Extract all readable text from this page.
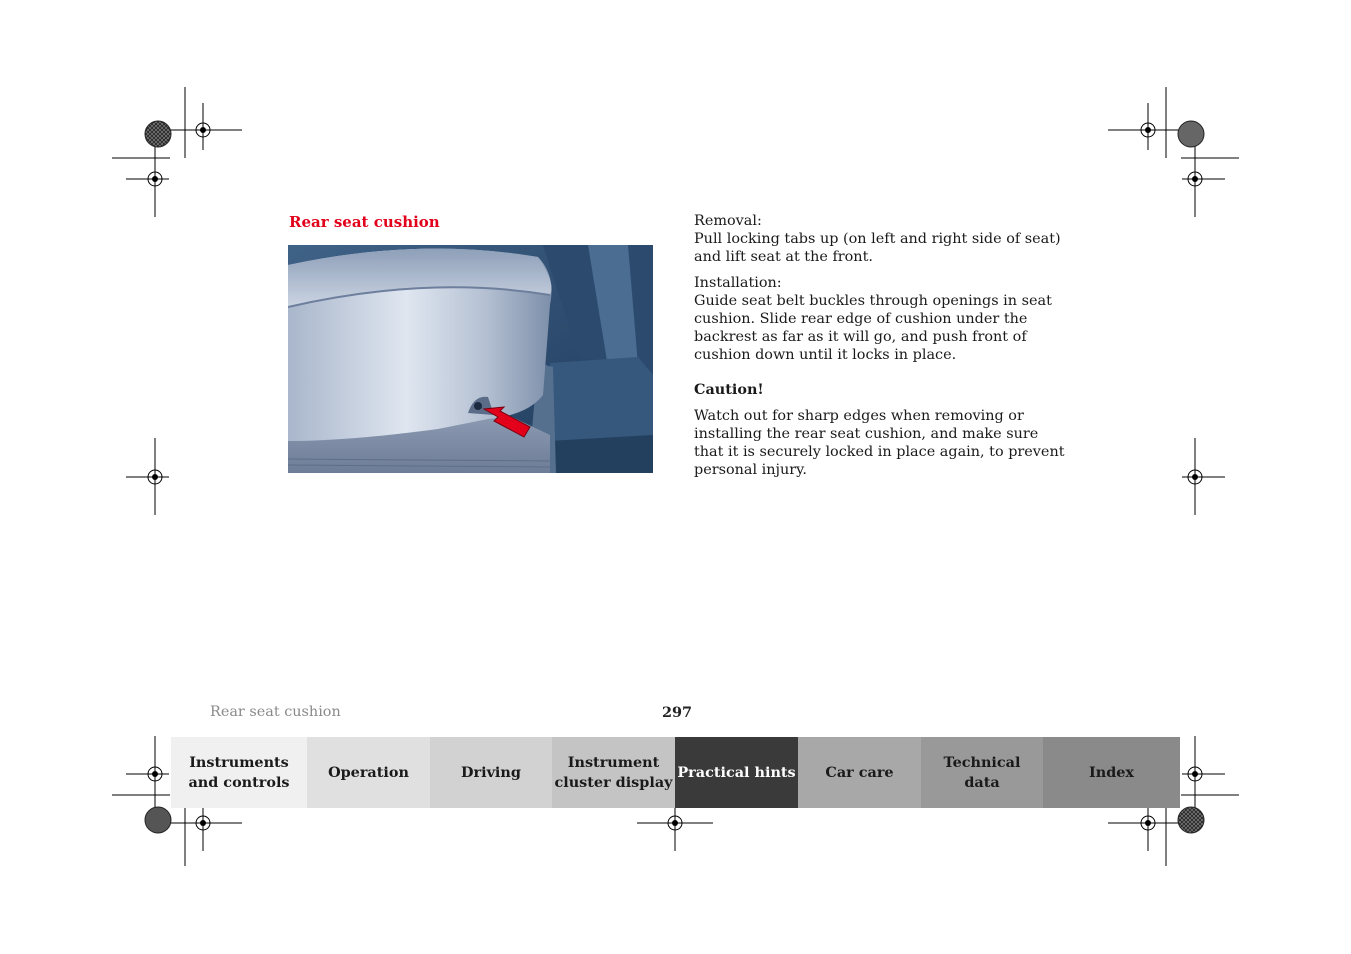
Rear seat cushion	Removal:

Pull locking tabs up (on left and right side of seat) and lift seat at the front.

Installation:

Guide seat belt buckles through openings in seat cushion. Slide rear edge of cushion under the backrest as far as it will go, and push front of cushion down until it locks in place.

Caution!

Watch out for sharp edges when removing or installing the rear seat cushion, and make sure that it is securely locked in place again, to prevent personal injury.

Rear seat cushion	297
Instruments
and controls
Operation	Driving
Instrument
cluster display
Practical hints	Car care
Technical
data
Index
